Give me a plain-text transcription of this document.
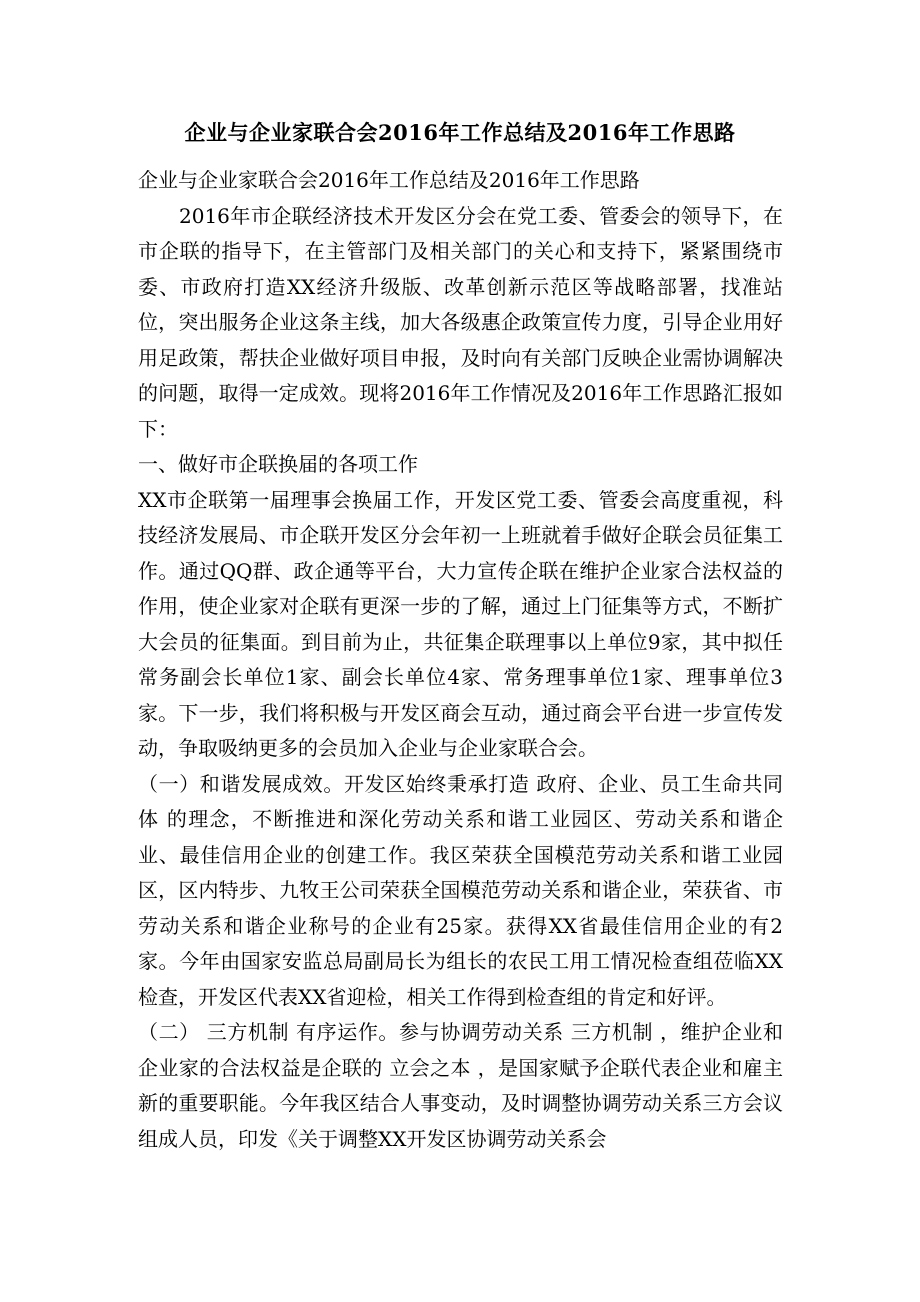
企业与企业家联合会2016年工作总结及2016年工作思路

企业与企业家联合会2016年工作总结及2016年工作思路

2016年市企联经济技术开发区分会在党工委、管委会的领导下，在市企联的指导下，在主管部门及相关部门的关心和支持下，紧紧围绕市委、市政府打造XX经济升级版、改革创新示范区等战略部署，找准站位，突出服务企业这条主线，加大各级惠企政策宣传力度，引导企业用好用足政策，帮扶企业做好项目申报，及时向有关部门反映企业需协调解决的问题，取得一定成效。现将2016年工作情况及2016年工作思路汇报如下：

一、做好市企联换届的各项工作

XX市企联第一届理事会换届工作，开发区党工委、管委会高度重视，科技经济发展局、市企联开发区分会年初一上班就着手做好企联会员征集工作。通过QQ群、政企通等平台，大力宣传企联在维护企业家合法权益的作用，使企业家对企联有更深一步的了解，通过上门征集等方式，不断扩大会员的征集面。到目前为止，共征集企联理事以上单位9家，其中拟任常务副会长单位1家、副会长单位4家、常务理事单位1家、理事单位3家。下一步，我们将积极与开发区商会互动，通过商会平台进一步宣传发动，争取吸纳更多的会员加入企业与企业家联合会。

（一）和谐发展成效。开发区始终秉承打造 政府、企业、员工生命共同体 的理念，不断推进和深化劳动关系和谐工业园区、劳动关系和谐企业、最佳信用企业的创建工作。我区荣获全国模范劳动关系和谐工业园区，区内特步、九牧王公司荣获全国模范劳动关系和谐企业，荣获省、市 劳动关系和谐企业称号的企业有25家。获得XX省最佳信用企业的有2家。今年由国家安监总局副局长为组长的农民工用工情况检查组莅临XX检查，开发区代表XX省迎检，相关工作得到检查组的肯定和好评。

（二） 三方机制 有序运作。参与协调劳动关系 三方机制 ，维护企业和企业家的合法权益是企联的 立会之本 ，是国家赋予企联代表企业和雇主新的重要职能。今年我区结合人事变动，及时调整协调劳动关系三方会议组成人员，印发《关于调整XX开发区协调劳动关系会
